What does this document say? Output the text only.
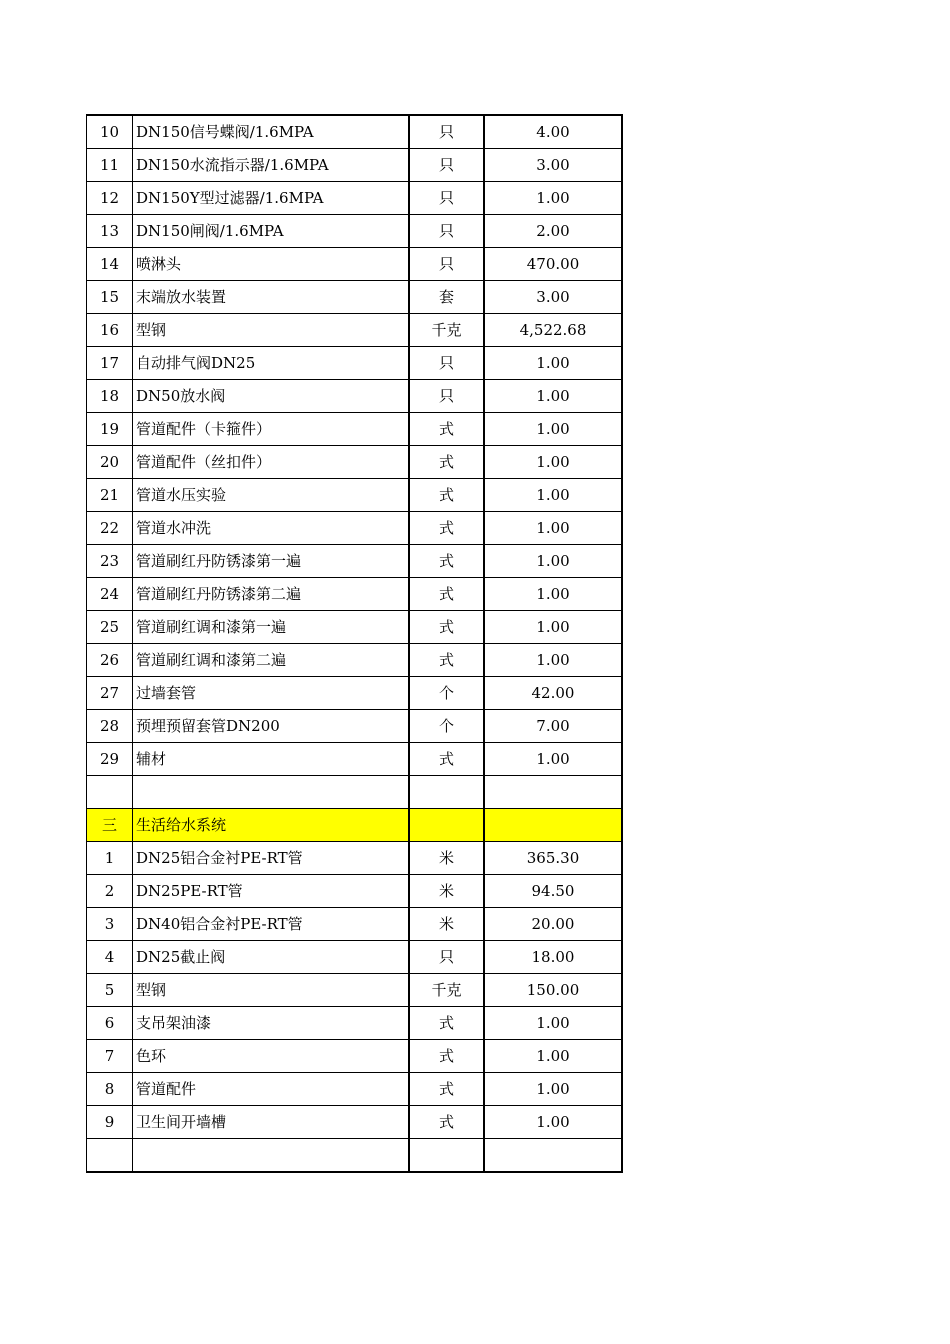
10	DN150信号蝶阀/1.6MPA	只	4.00
11	DN150水流指示器/1.6MPA	只	3.00
12	DN150Y型过滤器/1.6MPA	只	1.00
13	DN150闸阀/1.6MPA	只	2.00
14	喷淋头	只	470.00
15	末端放水装置	套	3.00
16	型钢	千克	4,522.68
17	自动排气阀DN25	只	1.00
18	DN50放水阀	只	1.00
19	管道配件（卡箍件）	式	1.00
20	管道配件（丝扣件）	式	1.00
21	管道水压实验	式	1.00
22	管道水冲洗	式	1.00
23	管道刷红丹防锈漆第一遍	式	1.00
24	管道刷红丹防锈漆第二遍	式	1.00
25	管道刷红调和漆第一遍	式	1.00
26	管道刷红调和漆第二遍	式	1.00
27	过墙套管	个	42.00
28	预埋预留套管DN200	个	7.00
29	辅材	式	1.00

三	生活给水系统		
1	DN25铝合金衬PE-RT管	米	365.30
2	DN25PE-RT管	米	94.50
3	DN40铝合金衬PE-RT管	米	20.00
4	DN25截止阀	只	18.00
5	型钢	千克	150.00
6	支吊架油漆	式	1.00
7	色环	式	1.00
8	管道配件	式	1.00
9	卫生间开墙槽	式	1.00
